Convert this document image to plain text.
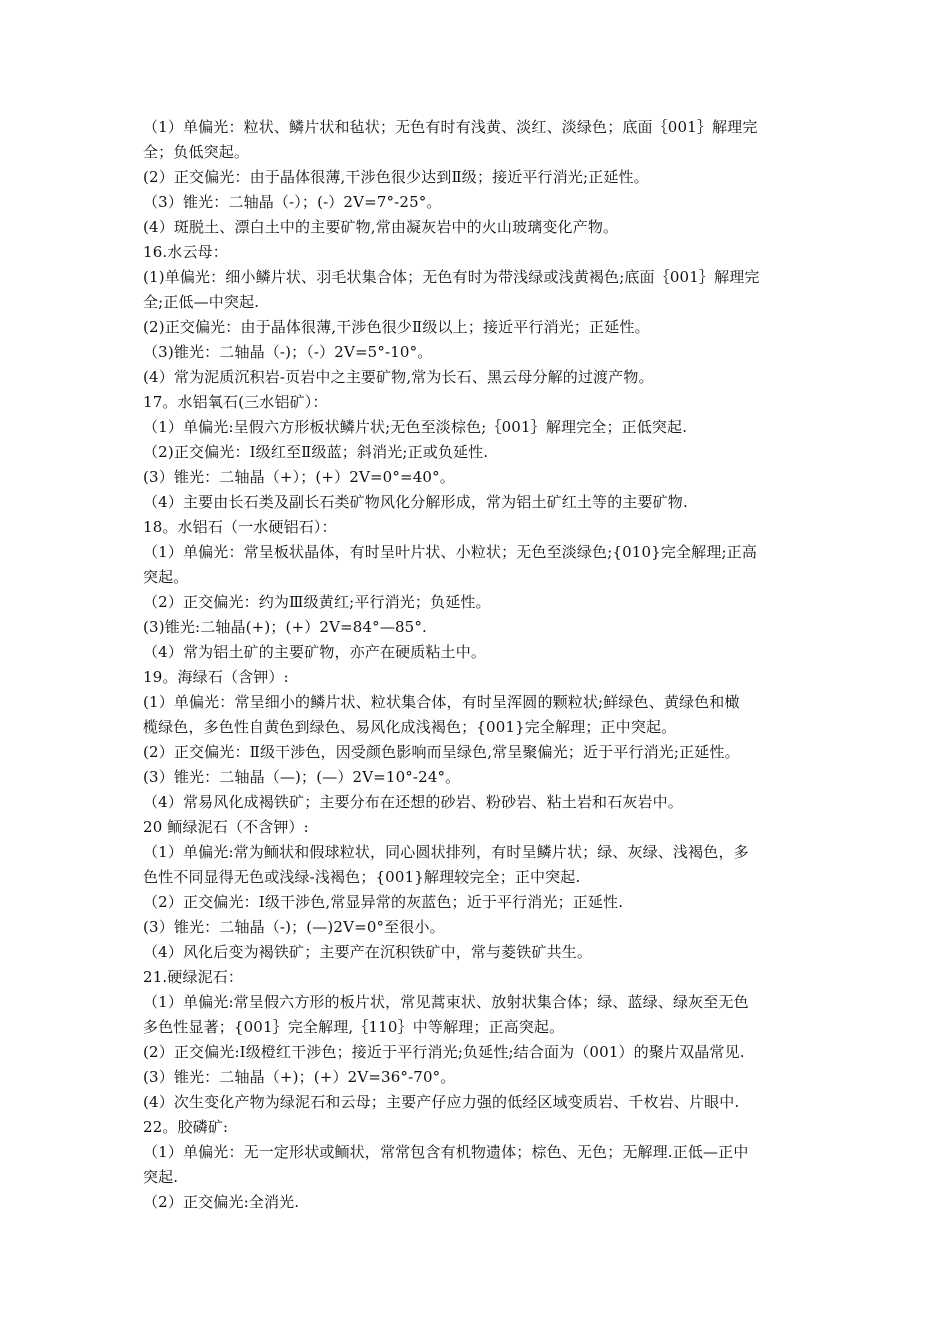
（1）单偏光：粒状、鳞片状和毡状；无色有时有浅黄、淡红、淡绿色；底面｛001｝解理完
全；负低突起。
(2）正交偏光：由于晶体很薄,干涉色很少达到Ⅱ级；接近平行消光;正延性。
（3）锥光：二轴晶（-）；(-）2V=7°-25°。
(4）斑脱土、漂白土中的主要矿物,常由凝灰岩中的火山玻璃变化产物。
16.水云母：
(1)单偏光：细小鳞片状、羽毛状集合体；无色有时为带浅绿或浅黄褐色;底面｛001｝解理完
全;正低—中突起.
(2)正交偏光：由于晶体很薄,干涉色很少Ⅱ级以上；接近平行消光；正延性。
（3)锥光：二轴晶（-)；（-）2V=5°-10°。
(4）常为泥质沉积岩-页岩中之主要矿物,常为长石、黑云母分解的过渡产物。
17。水铝氧石(三水铝矿）：
（1）单偏光:呈假六方形板状鳞片状;无色至淡棕色;｛001｝解理完全；正低突起.
（2)正交偏光：Ⅰ级红至Ⅱ级蓝；斜消光;正或负延性.
(3）锥光：二轴晶（+）；(+）2V=0°=40°。
（4）主要由长石类及副长石类矿物风化分解形成，常为铝土矿红土等的主要矿物.
18。水铝石（一水硬铝石）：
（1）单偏光：常呈板状晶体，有时呈叶片状、小粒状；无色至淡绿色;{010}完全解理;正高
突起。
（2）正交偏光：约为Ⅲ级黄红;平行消光；负延性。
(3)锥光:二轴晶(+)；(+）2V=84°—85°.
（4）常为铝土矿的主要矿物，亦产在硬质粘土中。
19。海绿石（含钾）:
(1）单偏光：常呈细小的鳞片状、粒状集合体，有时呈浑圆的颗粒状;鲜绿色、黄绿色和橄
榄绿色，多色性自黄色到绿色、易风化成浅褐色；{001}完全解理；正中突起。
(2）正交偏光：Ⅱ级干涉色，因受颜色影响而呈绿色,常呈聚偏光；近于平行消光;正延性。
(3）锥光：二轴晶（—)；(—）2V=10°-24°。
（4）常易风化成褐铁矿；主要分布在还想的砂岩、粉砂岩、粘土岩和石灰岩中。
20 鲕绿泥石（不含钾）:
（1）单偏光:常为鲕状和假球粒状，同心圆状排列，有时呈鳞片状；绿、灰绿、浅褐色，多
色性不同显得无色或浅绿-浅褐色；{001}解理较完全；正中突起.
（2）正交偏光：Ⅰ级干涉色,常显异常的灰蓝色；近于平行消光；正延性.
(3）锥光：二轴晶（-)；(—)2V=0°至很小。
（4）风化后变为褐铁矿；主要产在沉积铁矿中，常与菱铁矿共生。
21.硬绿泥石：
（1）单偏光:常呈假六方形的板片状，常见蒿束状、放射状集合体；绿、蓝绿、绿灰至无色
多色性显著；{001｝完全解理,｛110｝中等解理；正高突起。
(2）正交偏光:Ⅰ级橙红干涉色；接近于平行消光;负延性;结合面为（001）的聚片双晶常见.
(3）锥光：二轴晶（+)；(+）2V=36°-70°。
(4）次生变化产物为绿泥石和云母；主要产仔应力强的低经区域变质岩、千枚岩、片眼中.
22。胶磷矿:
（1）单偏光：无一定形状或鲕状，常常包含有机物遗体；棕色、无色；无解理.正低—正中
突起.
（2）正交偏光:全消光.
